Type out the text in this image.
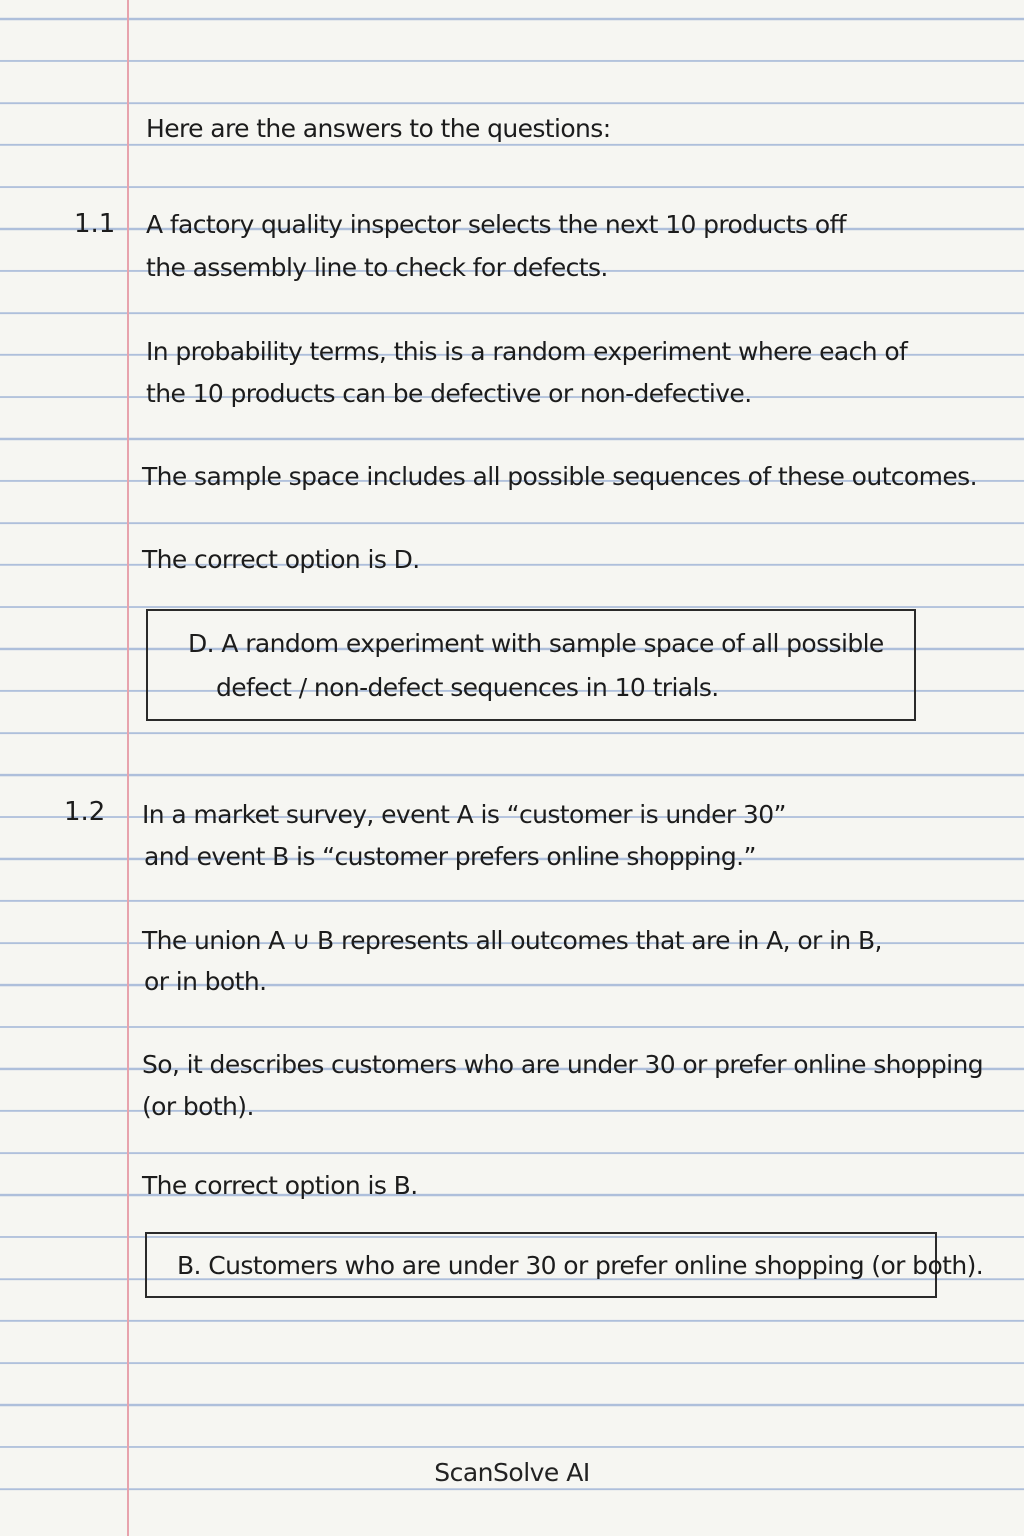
Here are the answers to the questions:
1.1 A factory quality inspector selects the next 10 products off
the assembly line to check for defects.
In probability terms, this is a random experiment where each of
the 10 products can be defective or non-defective.
The sample space includes all possible sequences of these outcomes.
The correct option is D.
D. A random experiment with sample space of all possible
defect / non-defect sequences in 10 trials.
1.2 In a market survey, event A is “customer is under 30”
and event B is “customer prefers online shopping.”
The union A ∪ B represents all outcomes that are in A, or in B,
or in both.
So, it describes customers who are under 30 or prefer online shopping
(or both).
The correct option is B.
B. Customers who are under 30 or prefer online shopping (or both).
ScanSolve AI
